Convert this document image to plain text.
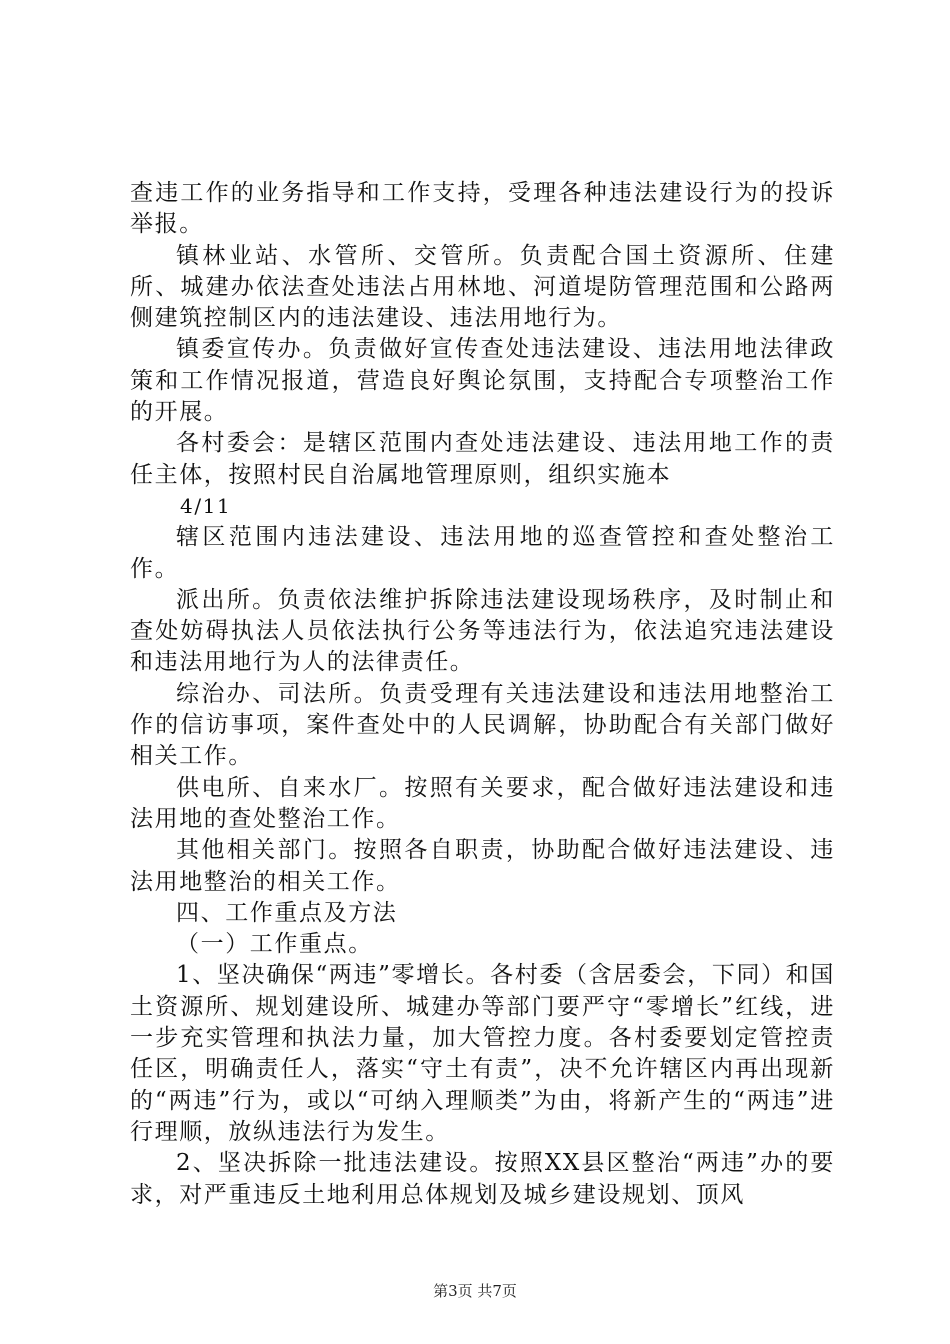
查违工作的业务指导和工作支持，受理各种违法建设行为的投诉举报。

镇林业站、水管所、交管所。负责配合国土资源所、住建所、城建办依法查处违法占用林地、河道堤防管理范围和公路两侧建筑控制区内的违法建设、违法用地行为。

镇委宣传办。负责做好宣传查处违法建设、违法用地法律政策和工作情况报道，营造良好舆论氛围，支持配合专项整治工作的开展。

各村委会：是辖区范围内查处违法建设、违法用地工作的责任主体，按照村民自治属地管理原则，组织实施本

4/11

辖区范围内违法建设、违法用地的巡查管控和查处整治工作。

派出所。负责依法维护拆除违法建设现场秩序，及时制止和查处妨碍执法人员依法执行公务等违法行为，依法追究违法建设和违法用地行为人的法律责任。

综治办、司法所。负责受理有关违法建设和违法用地整治工作的信访事项，案件查处中的人民调解，协助配合有关部门做好相关工作。

供电所、自来水厂。按照有关要求，配合做好违法建设和违法用地的查处整治工作。

其他相关部门。按照各自职责，协助配合做好违法建设、违法用地整治的相关工作。

四、工作重点及方法

（一）工作重点。

1、坚决确保“两违”零增长。各村委（含居委会，下同）和国土资源所、规划建设所、城建办等部门要严守“零增长”红线，进一步充实管理和执法力量，加大管控力度。各村委要划定管控责任区，明确责任人，落实“守土有责”，决不允许辖区内再出现新的“两违”行为，或以“可纳入理顺类”为由，将新产生的“两违”进行理顺，放纵违法行为发生。

2、坚决拆除一批违法建设。按照XX县区整治“两违”办的要求，对严重违反土地利用总体规划及城乡建设规划、顶风

第3页 共7页
